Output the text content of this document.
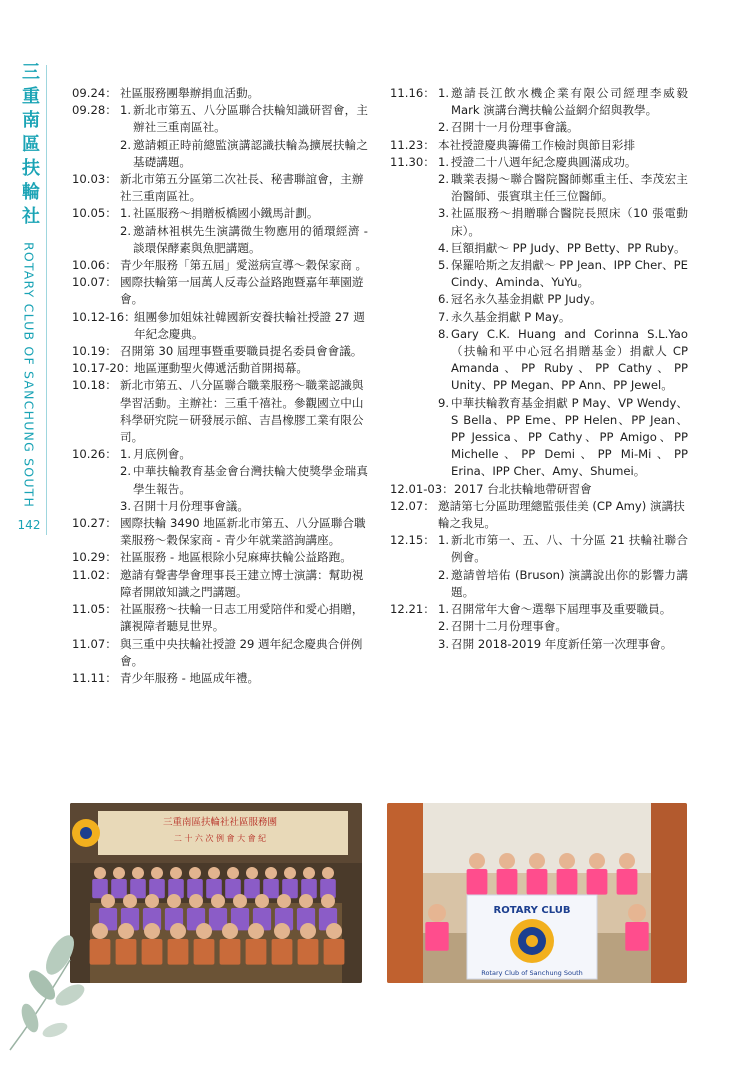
三重南區扶輪社
ROTARY CLUB OF SANCHUNG SOUTH
142
09.24： 社區服務團舉辦捐血活動。
09.28： 1. 新北市第五、八分區聯合扶輪知識研習會，主辦社三重南區社。
2. 邀請頼正時前總監演講認識扶輪為擴展扶輪之基礎講題。
10.03： 新北市第五分區第二次社長、秘書聯誼會，主辦社三重南區社。
10.05： 1. 社區服務～捐贈板橋國小鐵馬計劃。
2. 邀請林袓棋先生演講微生物應用的循環經濟 - 談環保酵素與魚肥講題。
10.06： 青少年服務「第五屆」愛滋病宣導～穀保家商 。
10.07： 國際扶輪第一屆萬人反毒公益路跑暨嘉年華園遊會。
10.12-16：
組團參加姐妹社韓國新安養扶輪社授證 27 週年紀念慶典。
10.19： 召開第 30 屆理事暨重要職員提名委員會會議。
10.17-20：
地區運動聖火傳遞活動首開揭幕。
10.18： 新北市第五、八分區聯合職業服務～職業認識與學習活動。主辦社：三重千禧社。參觀國立中山科學研究院－研發展示館、吉昌橡膠工業有限公司。
10.26： 1. 月底例會。
2. 中華扶輪教育基金會台灣扶輪大使獎學金瑞真學生報告。
3. 召開十月份理事會議。
10.27： 國際扶輪 3490 地區新北市第五、八分區聯合職業服務～穀保家商 - 青少年就業諮詢講座。
10.29： 社區服務 - 地區根除小兒麻痺扶輪公益路跑。
11.02： 邀請有聲書學會理事長王建立博士演講：幫助視障者開啟知識之門講題。
11.05： 社區服務～扶輪一日志工用愛陪伴和愛心捐贈，讓視障者聽見世界。
11.07： 與三重中央扶輪社授證 29 週年紀念慶典合併例會。
11.11： 青少年服務 - 地區成年禮。
11.16： 1. 邀請長江飲水機企業有限公司經理李威毅 Mark 演講台灣扶輪公益網介紹與教學。
2. 召開十一月份理事會議。
11.23： 本社授證慶典籌備工作檢討與節目彩排
11.30： 1. 授證二十八週年紀念慶典圓滿成功。
2. 職業表揚～聯合醫院醫師鄭重主任、李茂宏主治醫師、張賓琪主任三位醫師。
3. 社區服務～捐贈聯合醫院長照床（10 張電動床）。
4. 巨額捐獻～ PP Judy、PP Betty、PP Ruby。
5. 保羅哈斯之友捐獻～ PP Jean、IPP Cher、PE Cindy、Aminda、YuYu。
6. 冠名永久基金捐獻 PP Judy。
7. 永久基金捐獻 P May。
8. Gary C.K. Huang and Corinna S.L.Yao （扶輪和平中心冠名捐贈基金）捐獻人 CP Amanda、PP Ruby、PP Cathy、PP Unity、PP Megan、PP Ann、PP Jewel。
9. 中華扶輪教育基金捐獻 P May、VP Wendy、S Bella、PP Eme、PP Helen、PP Jean、PP Jessica、PP Cathy、PP Amigo、PP Michelle、PP Demi、PP Mi-Mi、PP Erina、IPP Cher、Amy、Shumei。
12.01-03： 2017 台北扶輪地帶研習會
12.07： 邀請第七分區助理總監張佳美 (CP Amy) 演講扶輪之我見。
12.15： 1. 新北市第一、五、八、十分區 21 扶輪社聯合例會。
2. 邀請曾培佑 (Bruson) 演講說出你的影響力講題。
12.21： 1. 召開常年大會～選舉下屆理事及重要職員。
2. 召開十二月份理事會。
3. 召開 2018-2019 年度新任第一次理事會。
三重南區扶輪社社區服務團
二 十 六 次 例 會 大 會 紀
ROTARY CLUB
Rotary Club of Sanchung South
